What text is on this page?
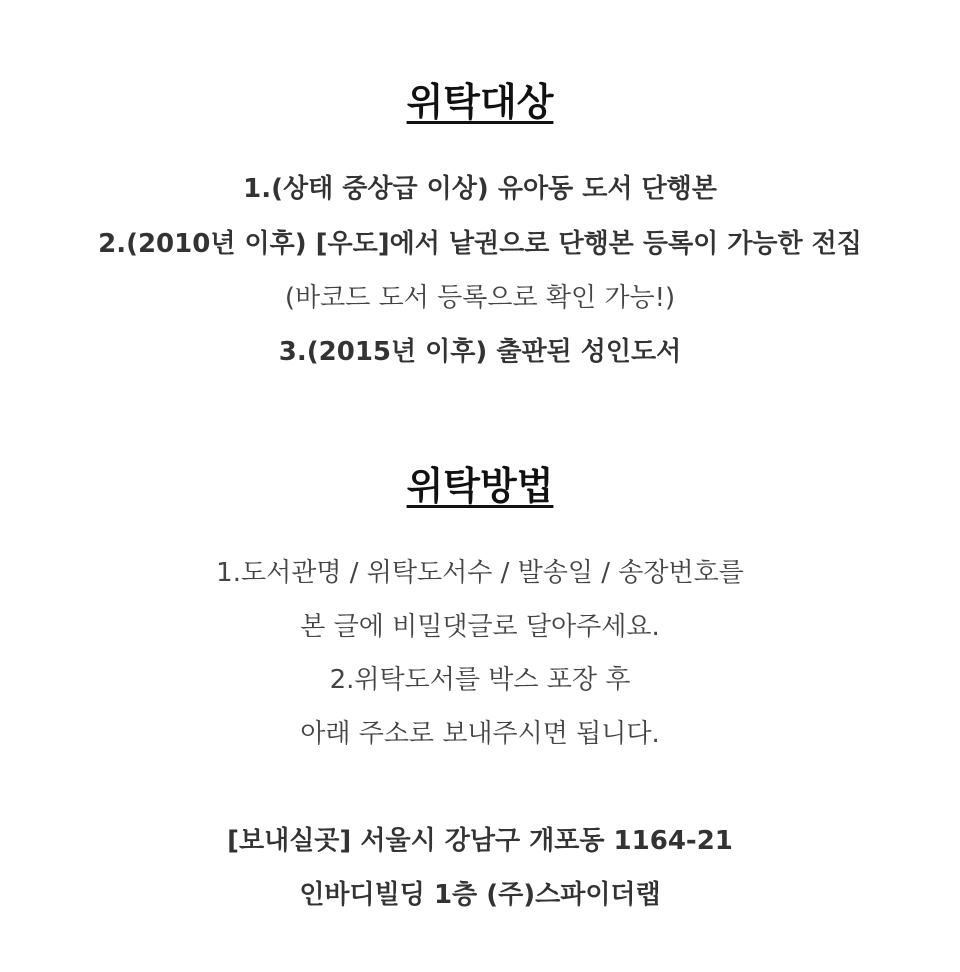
위탁대상
1.(상태 중상급 이상) 유아동 도서 단행본
2.(2010년 이후) [우도]에서 낱권으로 단행본 등록이 가능한 전집
(바코드 도서 등록으로 확인 가능!)
3.(2015년 이후) 출판된 성인도서
위탁방법
1.도서관명 / 위탁도서수 / 발송일 / 송장번호를
본 글에 비밀댓글로 달아주세요.
2.위탁도서를 박스 포장 후
아래 주소로 보내주시면 됩니다.
[보내실곳] 서울시 강남구 개포동 1164-21
인바디빌딩 1층 (주)스파이더랩
